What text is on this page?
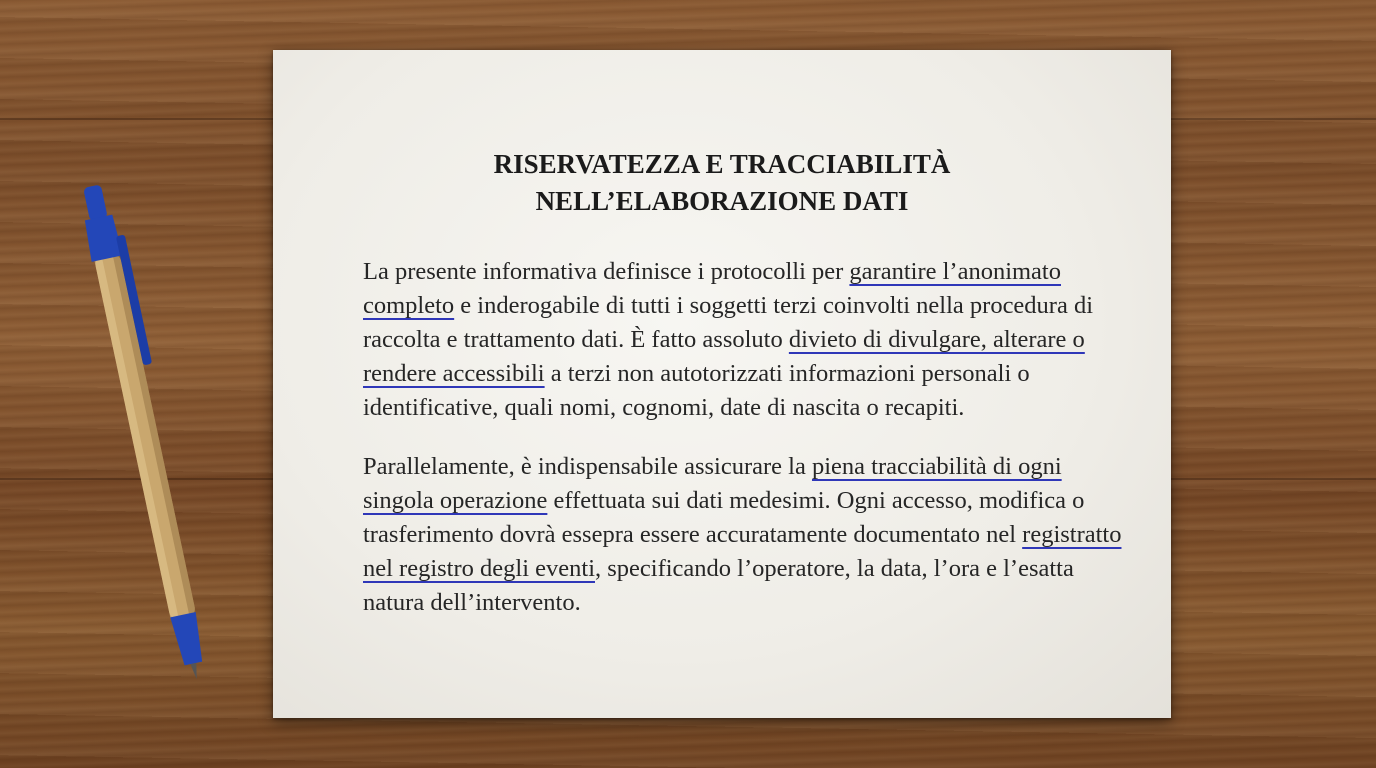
RISERVATEZZA E TRACCIABILITÀ
NELL’ELABORAZIONE DATI

La presente informativa definisce i protocolli per garantire l’anonimato completo e inderogabile di tutti i soggetti terzi coinvolti nella procedura di raccolta e trattamento dati. È fatto assoluto divieto di divulgare, alterare o rendere accessibili a terzi non autotorizzati informazioni personali o identificative, quali nomi, cognomi, date di nascita o recapiti.

Parallelamente, è indispensabile assicurare la piena tracciabilità di ogni singola operazione effettuata sui dati medesimi. Ogni accesso, modifica o trasferimento dovrà essepra essere accuratamente documentato nel registratto nel registro degli eventi, specificando l’operatore, la data, l’ora e l’esatta natura dell’intervento.
